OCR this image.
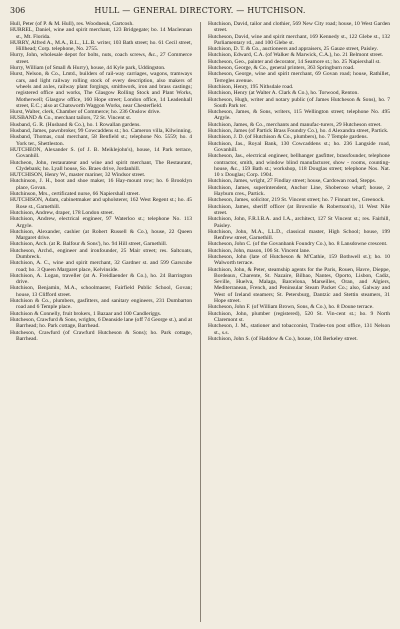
306	HULL — GENERAL DIRECTORY. — HUTCHISON.

Hull, Peter (of P. & M. Hull), res. Woodneuk, Gartcosh.

HURREL, Daniel, wine and spirit merchant, 123 Bridgegate; bo. 14 Maclennan st., Mt. Florida.

HURRY, Alfred A., M.A., B.L., LL.B. writer, 103 Bath street; ho. 61 Cecil street, Hillhead; Corp. telephone, No. 2755.

Hurry, John, wholesale depot for bolts, nuts, coach screws, &c., 27 Commerce street.

Hurry, William (of Small & Hurry), house, 44 Kyle park, Uddingston.

Hurst, Nelson, & Co., Lmtd., builders of rail-way carriages, wagons, tramways cars, and light railway rolling stock of every description, also makers of wheels and axles, railway plant forgings, smithwork, iron and brass castings; registered office and works, The Glasgow Rolling Stock and Plant Works, Motherwell; Glasgow office, 160 Hope street; London office, 14 Leadenhall street, E.C.; also at Chatsworth Waggon Works, near Chesterfield.

Hurst, Walter, clerk, Chamber of Commerce; ho. 236 Onslow drive.

HUSBAND & Co., merchant tailors, 72 St. Vincent st.

Husband, G. R. (Husband & Co.), ho. 1 Rowallan gardens.

Husband, James, pawnbroker, 99 Cowcaddens st.; ho. Cameron villa, Kilwinning.

Husband, Thomas, coal merchant, 58 Benfield st.; telephone No. 5559; ho. 4 York ter., Shettleston.

HUTCHEON, Alexander S. (of J. B. Meiklejohn's), house, 14 Park terrace, Govanhill.

Hutcheon, John, restaurateur and wine and spirit merchant, The Restaurant, Clydebank; ho. Lyall house, So. Braes drive, Jordanhill.

HUTCHISON, Henry W., master mariner, 32 Windsor street.

Hutchinson, J. H., boot and shoe maker, 16 Hay-mount row; ho. 6 Brooklyn place, Govan.

Hutchinson, Mrs., certificated nurse, 66 Napiershall street.

HUTCHISON, Adam, cabinetmaker and upholsterer, 162 West Regent st.; ho. 45 Rose st., Garnethill.

Hutchison, Andrew, draper, 178 London street.

Hutchison, Andrew, electrical engineer, 97 Waterloo st.; telephone No. 113 Argyle.

Hutchison, Alexander, cashier (at Robert Russell & Co.), house, 22 Queen Margaret drive.

Hutchison, Arch. (at R. Balfour & Sons'), ho. 94 Hill street, Garnethill.

Hutcheson, Archd., engineer and ironfounder, 25 Mair street; res. Saltcoats, Dumbreck.

Hutchison, A. C., wine and spirit merchant, 32 Gardner st. and 599 Garscube road; ho. 3 Queen Margaret place, Kelvinside.

Hutchison, A. Logan, traveller (at A. Freidlaender & Co.), ho. 24 Barrington drive.

Hutchison, Benjamin, M.A., schoolmaster, Fairfield Public School, Govan; house, 13 Clifford street.

Hutchison & Co., plumbers, gasfitters, and sanitary engineers, 231 Dumbarton road and 6 Temple place.

Hutchison & Connelly, fruit brokers, 1 Bazaar and 100 Candleriggs.

Hutcheson, Crawfurd & Sons, wrights, 6 Deanside lane (off 74 George st.), and at Barrhead; ho. Park cottage, Barrhead.

Hutcheson, Crawfurd (of Crawfurd Hutcheson & Sons); ho. Park cottage, Barrhead.

Hutchison, David, tailor and clothier, 569 New City road; house, 10 West Garden street.

Hutcheson, David, wine and spirit merchant, 169 Kennedy st., 122 Glebe st., 132 Parliamentary rd., and 100 Glebe st.

Hutchison, D. T. & Co., auctioneers and appraisers, 25 Gauze street, Paisley.

Hutchison, Edward, C.A. (of Walker & Marwick, C.A.), ho. 21 Belmont street.

Hutcheson, Geo., painter and decorator, 14 Seamore st.; ho. 25 Napiershall st.

Hutcheson, George, & Co., general printers, 363 Springburn road.

Hutcheson, George, wine and spirit merchant, 69 Govan road; house, Rathillet, Terregles avenue.

Hutchison, Henry, 195 Nithsdale road.

Hutchison, Henry (at Walter A. Clark & Co.), ho. Torwood, Renton.

Hutcheson, Hugh, writer and notary public (of James Hutcheson & Sons), ho. 7 South Park ter.

Hutcheson, James, & Sons, writers, 115 Wellington street; telephone No. 495 Argyle.

Hutchison, James, & Co., merchants and manufac-turers, 29 Hutcheson street.

Hutchison, James (of Partick Brass Foundry Co.), ho. 4 Alexandra street, Partick.

Hutchison, J. D. (of Hutchison & Co., plumbers), ho. 7 Temple gardens.

Hutchison, Jas., Royal Bank, 130 Cowcaddens st.; ho. 236 Langside road, Govanhill.

Hutcheson, Jas., electrical engineer, bellhanger gasfitter, brassfounder, telephone contractor, smith, and window blind manufacturer, show - rooms, counting-house, &c., 159 Bath st.; workshop, 118 Douglas street; telephone Nos. Nat. 10 x Douglas; Corp. 1904.

Hutchison, James, wright, 27 Findlay street; house, Cardowan road, Stepps.

Hutchison, James, superintendent, Anchor Line, Shoberoso wharf; house, 2 Hayburn cres., Partick.

Hutcheson, James, solicitor, 219 St. Vincent street; ho. 7 Finnart ter., Greenock.

Hutchison, James, sheriff officer (at Brownlie & Robertson's), 11 West Nile street.

Hutchison, John, F.R.I.B.A. and I.A., architect, 127 St Vincent st.; res. Fairhill, Paisley.

Hutchison, John, M.A., LL.D., classical master, High School; house, 199 Renfrew street, Garnethill.

Hutcheson, John C. (of the Govanbank Foundry Co.), ho. 8 Lansdowne crescent.

Hutchison, John, mason, 106 St. Vincent lane.

Hutcheson, John (late of Hutcheson & M'Cathie, 159 Bothwell st.); ho. 10 Walworth terrace.

Hutchison, John, & Peter, steamship agents for the Paris, Rouen, Havre, Dieppe, Bordeaux, Charente, St. Nazaire, Bilbao, Nantes, Oporto, Lisbon, Cadiz, Seville, Huelva, Malaga, Barcelona, Marseilles, Oran, and Algiers, Mediterranean, French, and Peninsular Steam Packet Co.; also, Galway and West of Ireland steamers; St. Petersburg, Dantzic and Stettin steamers, 31 Hope street.

Hutcheson, John F. (of William Brown, Sons, & Co.), ho. 8 Doune terrace.

Hutchison, John, plumber (registered), 520 St. Vin-cent st.; ho. 9 North Claremont st.

Hutcheson, J. M., stationer and tobacconist, Trades-ton post office, 131 Nelson st., s.s.

Hutchison, John S. (of Haddow & Co.), house, 104 Berkeley street.
